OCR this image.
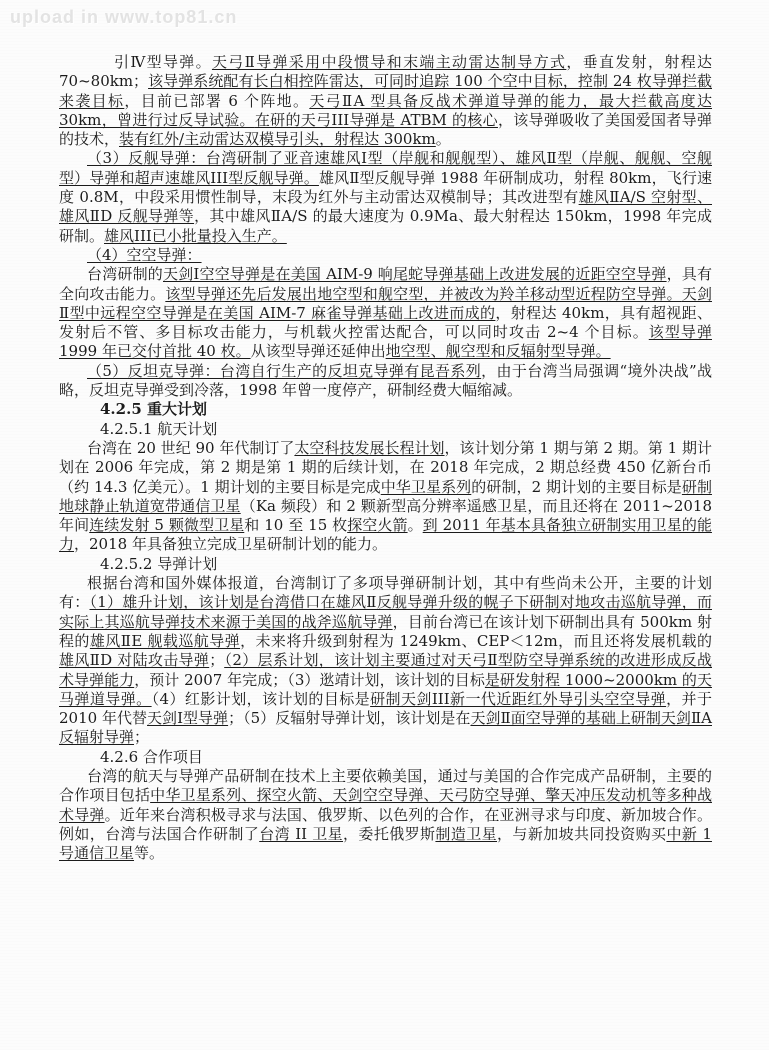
upload in www.top81.cn

引Ⅳ型导弹。天弓Ⅱ导弹采用中段惯导和末端主动雷达制导方式，垂直发射，射程达 70~80km；该导弹系统配有长白相控阵雷达，可同时追踪 100 个空中目标，控制 24 枚导弹拦截来袭目标，目前已部署 6 个阵地。天弓ⅡA 型具备反战术弹道导弹的能力，最大拦截高度达 30km，曾进行过反导试验。在研的天弓III导弹是 ATBM 的核心，该导弹吸收了美国爱国者导弹的技术，装有红外/主动雷达双模导引头，射程达 300km。

（3）反舰导弹：台湾研制了亚音速雄风Ⅰ型（岸舰和舰舰型）、雄风Ⅱ型（岸舰、舰舰、空舰型）导弹和超声速雄风III型反舰导弹。雄风Ⅱ型反舰导弹 1988 年研制成功，射程 80km，飞行速度 0.8M，中段采用惯性制导，末段为红外与主动雷达双模制导；其改进型有雄风ⅡA/S 空射型、雄风ⅡD 反舰导弹等，其中雄风ⅡA/S 的最大速度为 0.9Ma、最大射程达 150km，1998 年完成研制。雄风III已小批量投入生产。

（4）空空导弹：

台湾研制的天剑Ⅰ空空导弹是在美国 AIM-9 响尾蛇导弹基础上改进发展的近距空空导弹，具有全向攻击能力。该型导弹还先后发展出地空型和舰空型，并被改为羚羊移动型近程防空导弹。天剑Ⅱ型中远程空空导弹是在美国 AIM-7 麻雀导弹基础上改进而成的，射程达 40km，具有超视距、发射后不管、多目标攻击能力，与机载火控雷达配合，可以同时攻击 2~4 个目标。该型导弹 1999 年已交付首批 40 枚。从该型导弹还延伸出地空型、舰空型和反辐射型导弹。

（5）反坦克导弹：台湾自行生产的反坦克导弹有昆吾系列，由于台湾当局强调“境外决战”战略，反坦克导弹受到冷落，1998 年曾一度停产，研制经费大幅缩减。

4.2.5 重大计划

4.2.5.1 航天计划

台湾在 20 世纪 90 年代制订了太空科技发展长程计划，该计划分第 1 期与第 2 期。第 1 期计划在 2006 年完成，第 2 期是第 1 期的后续计划，在 2018 年完成，2 期总经费 450 亿新台币（约 14.3 亿美元）。1 期计划的主要目标是完成中华卫星系列的研制，2 期计划的主要目标是研制地球静止轨道宽带通信卫星（Ka 频段）和 2 颗新型高分辨率遥感卫星，而且还将在 2011~2018 年间连续发射 5 颗微型卫星和 10 至 15 枚探空火箭。到 2011 年基本具备独立研制实用卫星的能力，2018 年具备独立完成卫星研制计划的能力。

4.2.5.2 导弹计划

根据台湾和国外媒体报道，台湾制订了多项导弹研制计划，其中有些尚未公开，主要的计划有：（1）雄升计划，该计划是台湾借口在雄风Ⅱ反舰导弹升级的幌子下研制对地攻击巡航导弹，而实际上其巡航导弹技术来源于美国的战斧巡航导弹，目前台湾已在该计划下研制出具有 500km 射程的雄风ⅡE 舰载巡航导弹，未来将升级到射程为 1249km、CEP＜12m，而且还将发展机载的雄风ⅡD 对陆攻击导弹；（2）层系计划，该计划主要通过对天弓Ⅱ型防空导弹系统的改进形成反战术导弹能力，预计 2007 年完成；（3）逖靖计划，该计划的目标是研发射程 1000~2000km 的天马弹道导弹。（4）红影计划，该计划的目标是研制天剑III新一代近距红外导引头空空导弹，并于 2010 年代替天剑Ⅰ型导弹；（5）反辐射导弹计划，该计划是在天剑Ⅱ面空导弹的基础上研制天剑ⅡA 反辐射导弹；

4.2.6 合作项目

台湾的航天与导弹产品研制在技术上主要依赖美国，通过与美国的合作完成产品研制，主要的合作项目包括中华卫星系列、探空火箭、天剑空空导弹、天弓防空导弹、擎天冲压发动机等多种战术导弹。近年来台湾积极寻求与法国、俄罗斯、以色列的合作，在亚洲寻求与印度、新加坡合作。例如，台湾与法国合作研制了台湾 II 卫星，委托俄罗斯制造卫星，与新加坡共同投资购买中新 1 号通信卫星等。
